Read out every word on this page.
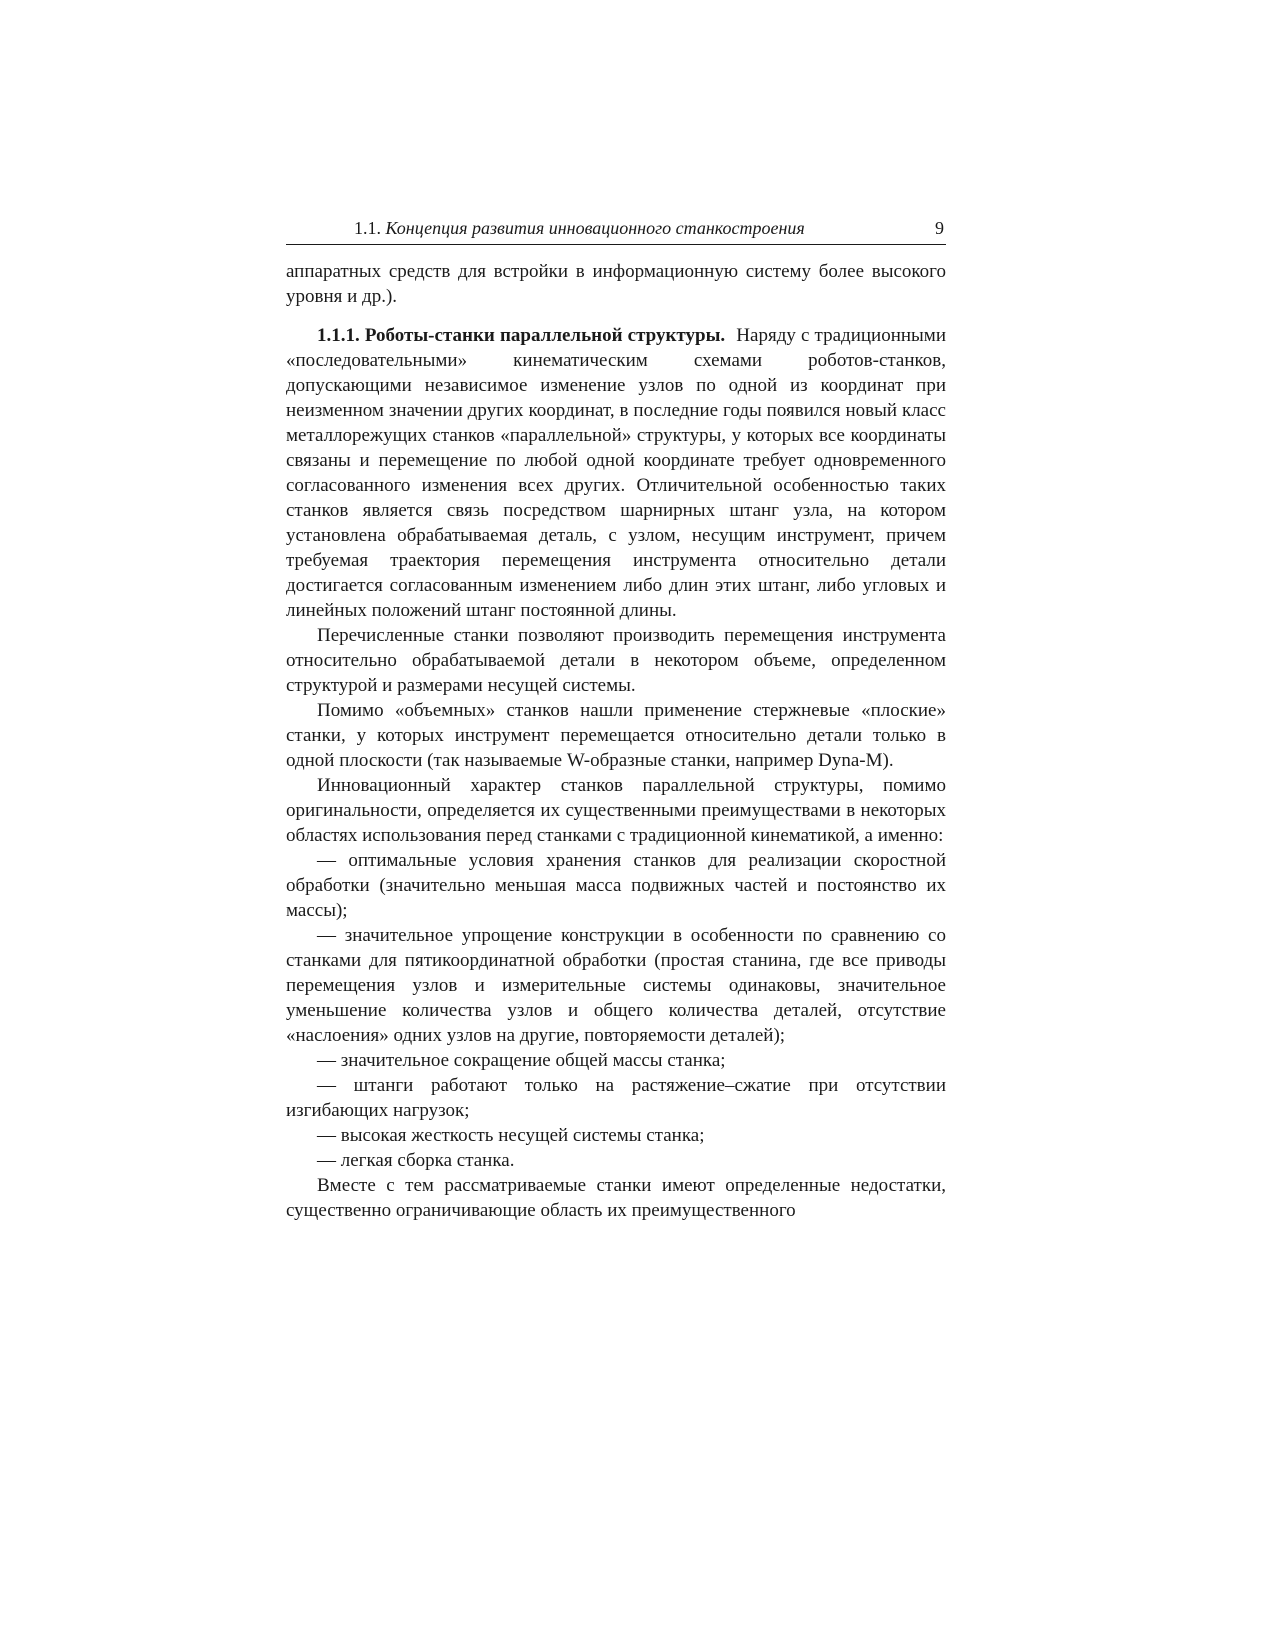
1.1. Концепция развития инновационного станкостроения	9

аппаратных средств для встройки в информационную систему более высокого уровня и др.).

1.1.1. Роботы-станки параллельной структуры. Наряду с традиционными «последовательными» кинематическим схемами роботов-станков, допускающими независимое изменение узлов по одной из координат при неизменном значении других координат, в последние годы появился новый класс металлорежущих станков «параллельной» структуры, у которых все координаты связаны и перемещение по любой одной координате требует одновременного согласованного изменения всех других. Отличительной особенностью таких станков является связь посредством шарнирных штанг узла, на котором установлена обрабатываемая деталь, с узлом, несущим инструмент, причем требуемая траектория перемещения инструмента относительно детали достигается согласованным изменением либо длин этих штанг, либо угловых и линейных положений штанг постоянной длины.

Перечисленные станки позволяют производить перемещения инструмента относительно обрабатываемой детали в некотором объеме, определенном структурой и размерами несущей системы.

Помимо «объемных» станков нашли применение стержневые «плоские» станки, у которых инструмент перемещается относительно детали только в одной плоскости (так называемые W-образные станки, например Dyna-M).

Инновационный характер станков параллельной структуры, помимо оригинальности, определяется их существенными преимуществами в некоторых областях использования перед станками с традиционной кинематикой, а именно:

— оптимальные условия хранения станков для реализации скоростной обработки (значительно меньшая масса подвижных частей и постоянство их массы);

— значительное упрощение конструкции в особенности по сравнению со станками для пятикоординатной обработки (простая станина, где все приводы перемещения узлов и измерительные системы одинаковы, значительное уменьшение количества узлов и общего количества деталей, отсутствие «наслоения» одних узлов на другие, повторяемости деталей);

— значительное сокращение общей массы станка;

— штанги работают только на растяжение–сжатие при отсутствии изгибающих нагрузок;

— высокая жесткость несущей системы станка;

— легкая сборка станка.

Вместе с тем рассматриваемые станки имеют определенные недостатки, существенно ограничивающие область их преимущественного
